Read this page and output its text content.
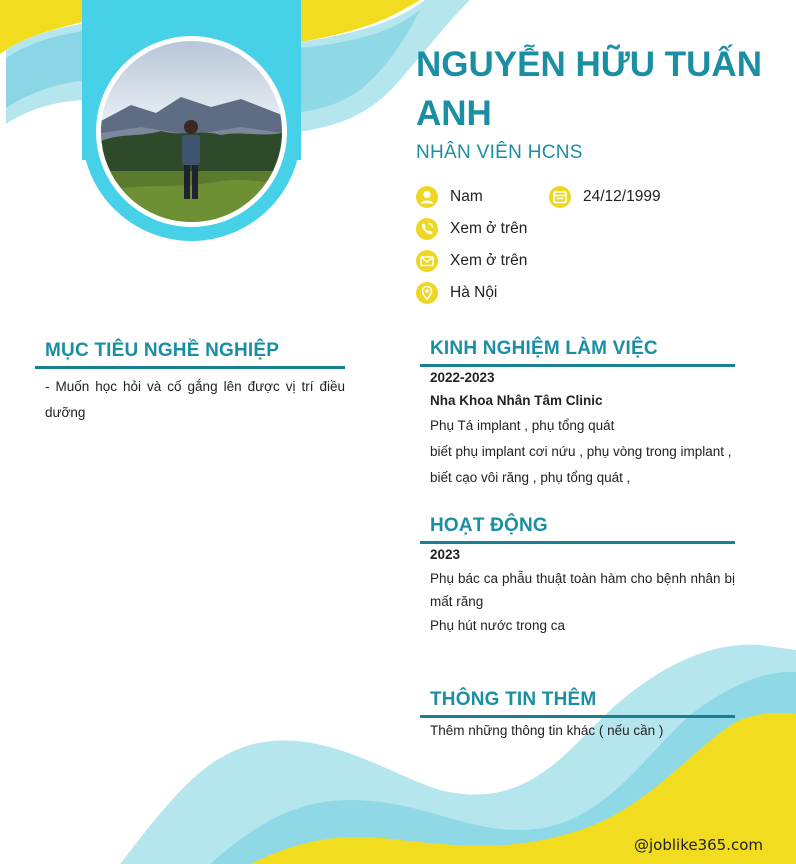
NGUYỄN HỮU TUẤN ANH
NHÂN VIÊN HCNS
Nam	24/12/1999
Xem ở trên
Xem ở trên
Hà Nội
MỤC TIÊU NGHỀ NGHIỆP
- Muốn học hỏi và cố gắng lên được vị trí điều dưỡng
KINH NGHIỆM LÀM VIỆC
2022-2023
Nha Khoa Nhân Tâm Clinic
Phụ Tá implant , phụ tổng quát
biết phụ implant cơi nứu , phụ vòng trong implant , biết cạo vôi răng , phụ tổng quát ,
HOẠT ĐỘNG
2023
Phụ bác ca phẫu thuật toàn hàm cho bệnh nhân bị mất răng
Phụ hút nước trong ca
THÔNG TIN THÊM
Thêm những thông tin khác ( nếu cần )
@joblike365.com
